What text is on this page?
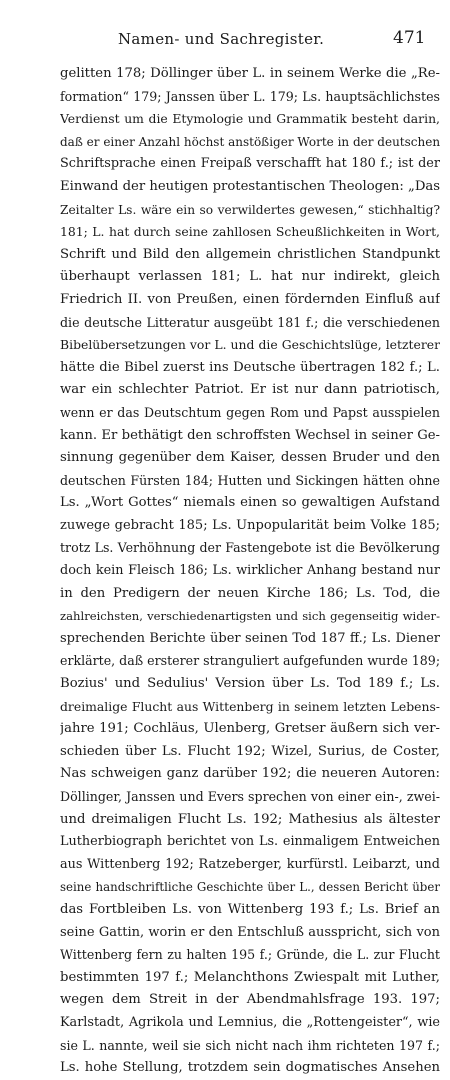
Namen- und Sachregister.	471
gelitten 178; Döllinger über L. in seinem Werke die „Re-
formation“ 179; Janssen über L. 179; Ls. hauptsächlichstes
Verdienst um die Etymologie und Grammatik besteht darin,
daß er einer Anzahl höchst anstößiger Worte in der deutschen
Schriftsprache einen Freipaß verschafft hat 180 f.; ist der
Einwand der heutigen protestantischen Theologen: „Das
Zeitalter Ls. wäre ein so verwildertes gewesen,“ stichhaltig?
181; L. hat durch seine zahllosen Scheußlichkeiten in Wort,
Schrift und Bild den allgemein christlichen Standpunkt
überhaupt verlassen 181; L. hat nur indirekt, gleich
Friedrich II. von Preußen, einen fördernden Einfluß auf
die deutsche Litteratur ausgeübt 181 f.; die verschiedenen
Bibelübersetzungen vor L. und die Geschichtslüge, letzterer
hätte die Bibel zuerst ins Deutsche übertragen 182 f.; L.
war ein schlechter Patriot. Er ist nur dann patriotisch,
wenn er das Deutschtum gegen Rom und Papst ausspielen
kann. Er bethätigt den schroffsten Wechsel in seiner Ge-
sinnung gegenüber dem Kaiser, dessen Bruder und den
deutschen Fürsten 184; Hutten und Sickingen hätten ohne
Ls. „Wort Gottes“ niemals einen so gewaltigen Aufstand
zuwege gebracht 185; Ls. Unpopularität beim Volke 185;
trotz Ls. Verhöhnung der Fastengebote ist die Bevölkerung
doch kein Fleisch 186; Ls. wirklicher Anhang bestand nur
in den Predigern der neuen Kirche 186; Ls. Tod, die
zahlreichsten, verschiedenartigsten und sich gegenseitig wider-
sprechenden Berichte über seinen Tod 187 ff.; Ls. Diener
erklärte, daß ersterer stranguliert aufgefunden wurde 189;
Bozius' und Sedulius' Version über Ls. Tod 189 f.; Ls.
dreimalige Flucht aus Wittenberg in seinem letzten Lebens-
jahre 191; Cochläus, Ulenberg, Gretser äußern sich ver-
schieden über Ls. Flucht 192; Wizel, Surius, de Coster,
Nas schweigen ganz darüber 192; die neueren Autoren:
Döllinger, Janssen und Evers sprechen von einer ein-, zwei-
und dreimaligen Flucht Ls. 192; Mathesius als ältester
Lutherbiograph berichtet von Ls. einmaligem Entweichen
aus Wittenberg 192; Ratzeberger, kurfürstl. Leibarzt, und
seine handschriftliche Geschichte über L., dessen Bericht über
das Fortbleiben Ls. von Wittenberg 193 f.; Ls. Brief an
seine Gattin, worin er den Entschluß ausspricht, sich von
Wittenberg fern zu halten 195 f.; Gründe, die L. zur Flucht
bestimmten 197 f.; Melanchthons Zwiespalt mit Luther,
wegen dem Streit in der Abendmahlsfrage 193. 197;
Karlstadt, Agrikola und Lemnius, die „Rottengeister“, wie
sie L. nannte, weil sie sich nicht nach ihm richteten 197 f.;
Ls. hohe Stellung, trotzdem sein dogmatisches Ansehen
